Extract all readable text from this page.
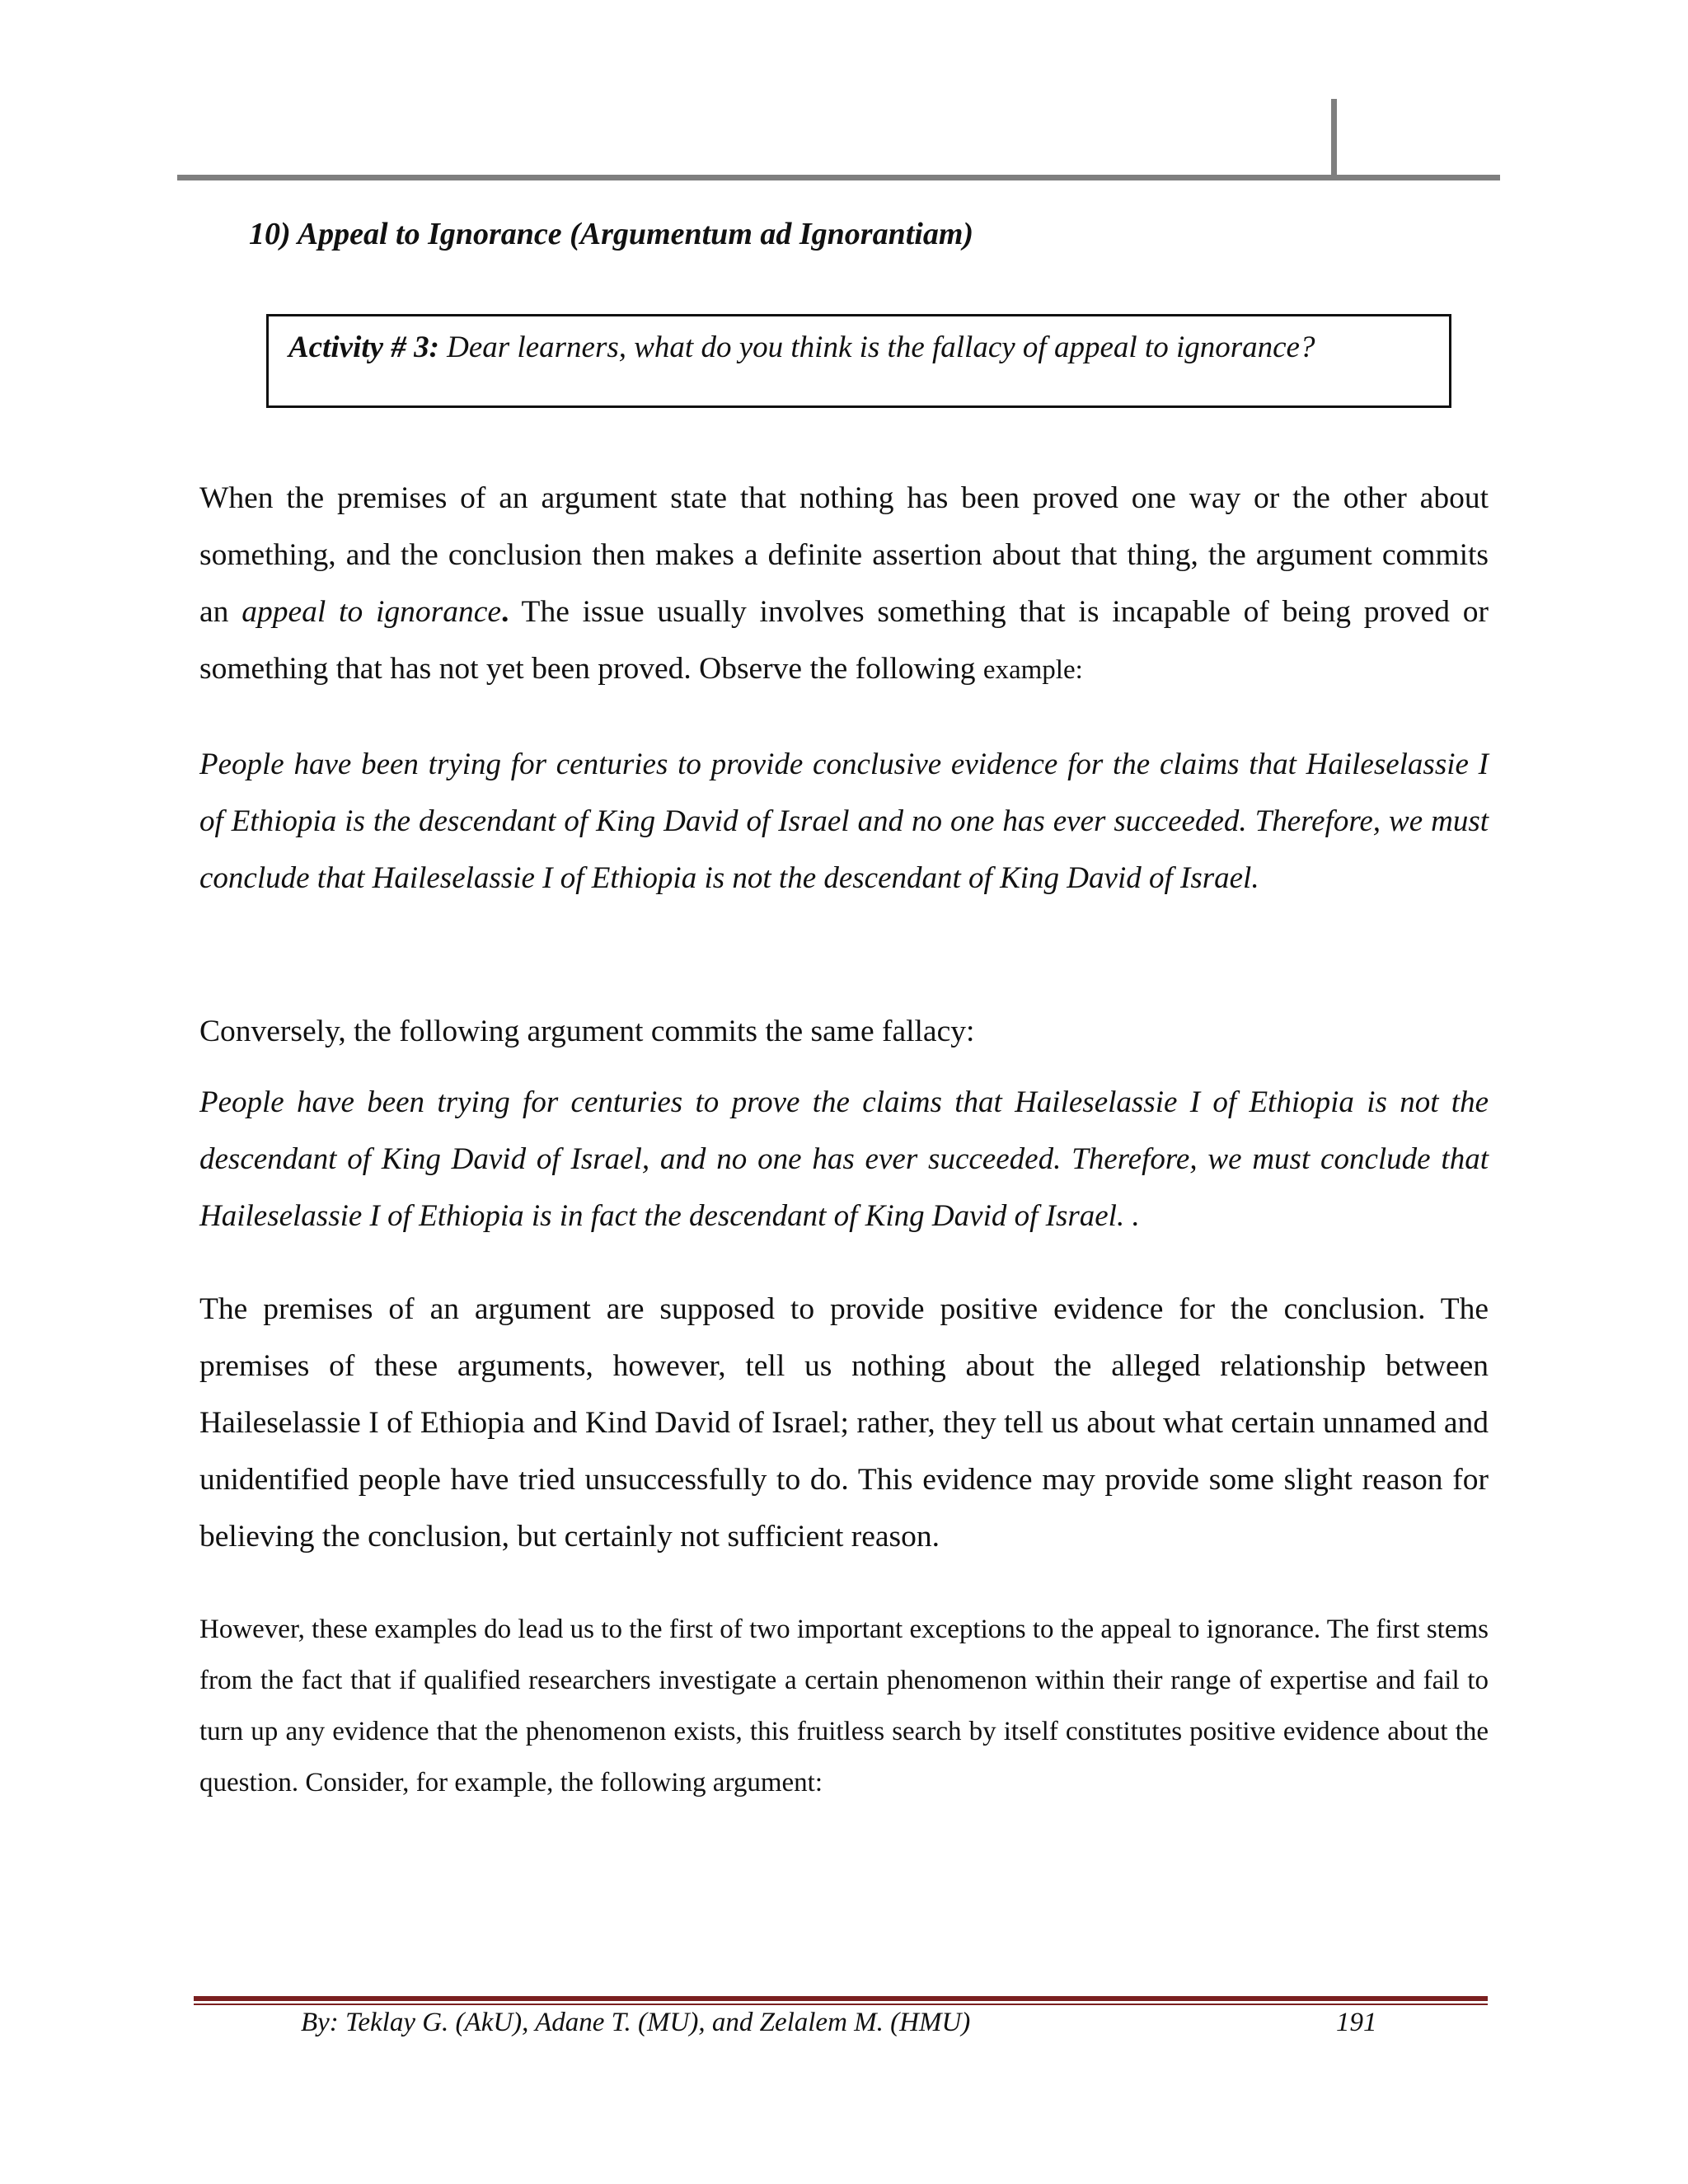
10) Appeal to Ignorance (Argumentum ad Ignorantiam)
Activity # 3: Dear learners, what do you think is the fallacy of appeal to ignorance?

When the premises of an argument state that nothing has been proved one way or the other about something, and the conclusion then makes a definite assertion about that thing, the argument commits an appeal to ignorance. The issue usually involves something that is incapable of being proved or something that has not yet been proved. Observe the following example:

People have been trying for centuries to provide conclusive evidence for the claims that Haileselassie I of Ethiopia is the descendant of King David of Israel and no one has ever succeeded. Therefore, we must conclude that Haileselassie I of Ethiopia is not the descendant of King David of Israel.

Conversely, the following argument commits the same fallacy:

People have been trying for centuries to prove the claims that Haileselassie I of Ethiopia is not the descendant of King David of Israel, and no one has ever succeeded. Therefore, we must conclude that Haileselassie I of Ethiopia is in fact the descendant of King David of Israel. .

The premises of an argument are supposed to provide positive evidence for the conclusion. The premises of these arguments, however, tell us nothing about the alleged relationship between Haileselassie I of Ethiopia and Kind David of Israel; rather, they tell us about what certain unnamed and unidentified people have tried unsuccessfully to do. This evidence may provide some slight reason for believing the conclusion, but certainly not sufficient reason.

However, these examples do lead us to the first of two important exceptions to the appeal to ignorance. The first stems from the fact that if qualified researchers investigate a certain phenomenon within their range of expertise and fail to turn up any evidence that the phenomenon exists, this fruitless search by itself constitutes positive evidence about the question. Consider, for example, the following argument:

By: Teklay G. (AkU), Adane T. (MU), and Zelalem M. (HMU)	191
